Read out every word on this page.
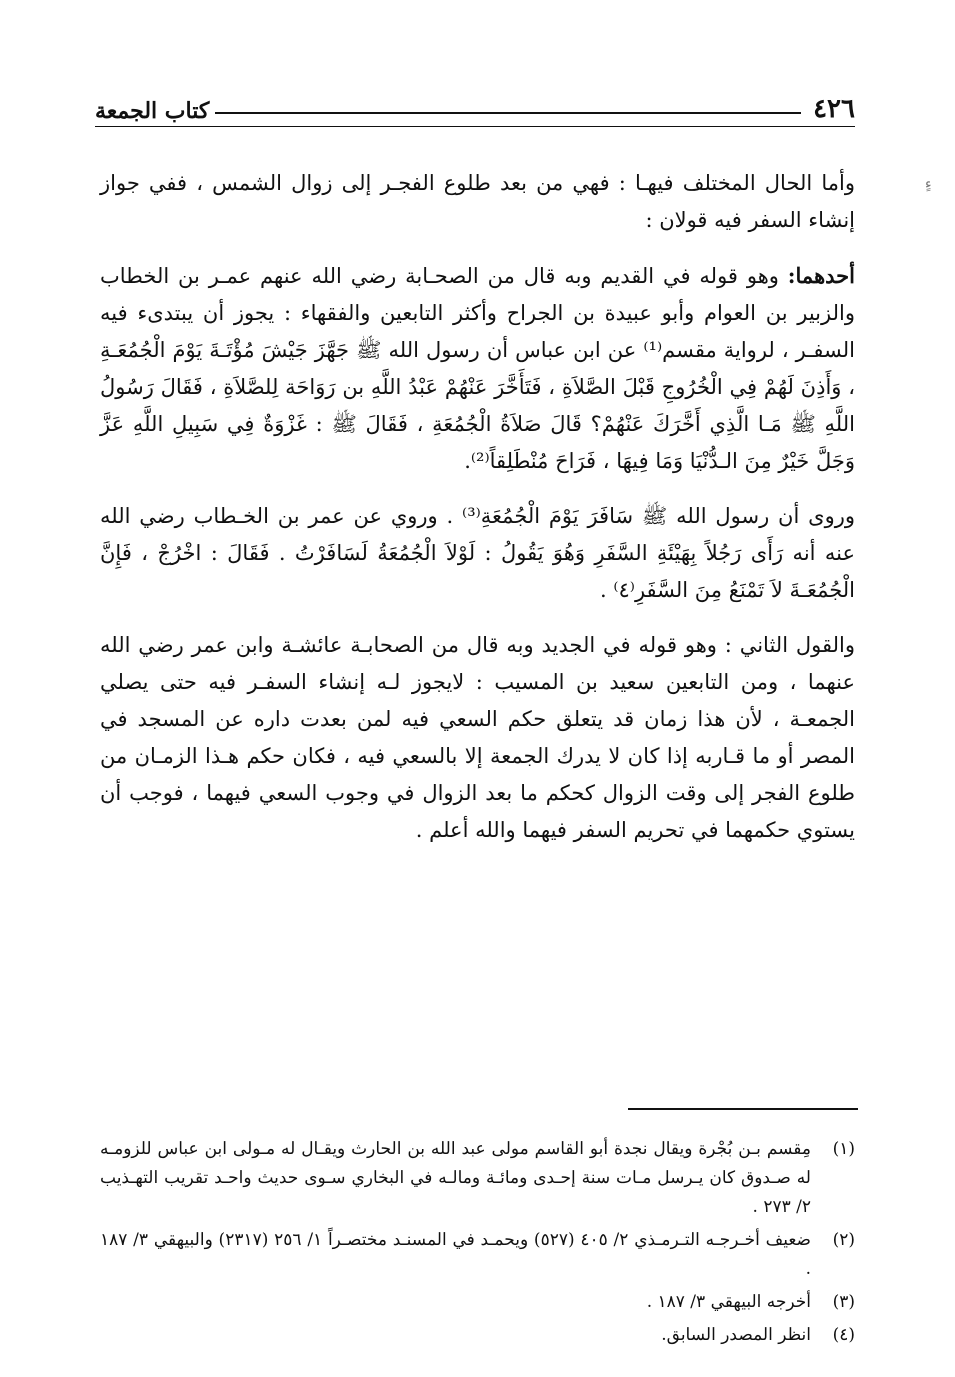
٤٢٦
كتاب الجمعة
ءٍ

وأما الحال المختلف فيهـا : فهي من بعد طلوع الفجـر إلى زوال الشمس ، ففي جواز إنشاء السفر فيه قولان :

أحدهما: وهو قوله في القديم وبه قال من الصحـابة رضي الله عنهم عمـر بن الخطاب والزبير بن العوام وأبو عبيدة بن الجراح وأكثر التابعين والفقهاء : يجوز أن يبتدىء فيه السفـر ، لرواية مقسم⁽¹⁾ عن ابن عباس أن رسول الله ﷺ جَهَّزَ جَيْشَ مُؤْتَـةَ يَوْمَ الْجُمُعَـةِ ، وَأَذِنَ لَهُمْ فِي الْخُرُوجِ قَبْلَ الصَّلاَةِ ، فَتَأَخَّرَ عَنْهُمْ عَبْدُ اللَّهِ بن رَوَاحَة لِلصَّلاَةِ ، فَقَالَ رَسُولُ اللَّهِ ﷺ مَـا الَّذِي أَخَّرَكَ عَنْهُمْ؟ قَالَ صَلاَةُ الْجُمُعَةِ ، فَقَالَ ﷺ : غَزْوَةٌ فِي سَبِيلِ اللَّهِ عَزَّ وَجَلَّ خَيْرٌ مِنَ الـدُّنْيَا وَمَا فِيهَا ، فَرَاحَ مُنْطَلِقاً⁽²⁾.

وروى أن رسول الله ﷺ سَافَرَ يَوْمَ الْجُمُعَةِ⁽³⁾ . وروي عن عمر بن الخـطاب رضي الله عنه أنه رَأَى رَجُلاً بِهَيْئَةِ السَّفَرِ وَهُوَ يَقُولُ : لَوْلاَ الْجُمُعَةُ لَسَافَرْتُ . فَقَالَ : اخْرُجْ ، فَإِنَّ الْجُمُعَـةَ لاَ تَمْنَعُ مِنَ السَّفَرِ⁽٤⁾ .

والقول الثاني : وهو قوله في الجديد وبه قال من الصحابـة عائشـة وابن عمر رضي الله عنهما ، ومن التابعين سعيد بن المسيب : لايجوز لـه إنشاء السفـر فيه حتى يصلي الجمعـة ، لأن هذا زمان قد يتعلق حكم السعي فيه لمن بعدت داره عن المسجد في المصر أو ما قـاربه إذا كان لا يدرك الجمعة إلا بالسعي فيه ، فكان حكم هـذا الزمـان من طلوع الفجر إلى وقت الزوال كحكم ما بعد الزوال في وجوب السعي فيهما ، فوجب أن يستوي حكمهما في تحريم السفر فيهما والله أعلم .

(١)
مِقسم بـن بُجْرة ويقال نجدة أبو القاسم مولى عبد الله بن الحارث ويقـال له مـولى ابن عباس للزومـه له صـدوق كان يـرسل مـات سنة إحـدى ومائـة ومالـه في البخاري سـوى حديث واحـد تقريب التهـذيب ٢/ ٢٧٣ .
(٢)
ضعيف أخـرجـه التـرمـذي ٢/ ٤٠٥ (٥٢٧) ويحمـد في المسنـد مختصـراً ١/ ٢٥٦ (٢٣١٧) والبيهقي ٣/ ١٨٧ .
(٣)
أخرجه البيهقي ٣/ ١٨٧ .
(٤)
انظر المصدر السابق.
